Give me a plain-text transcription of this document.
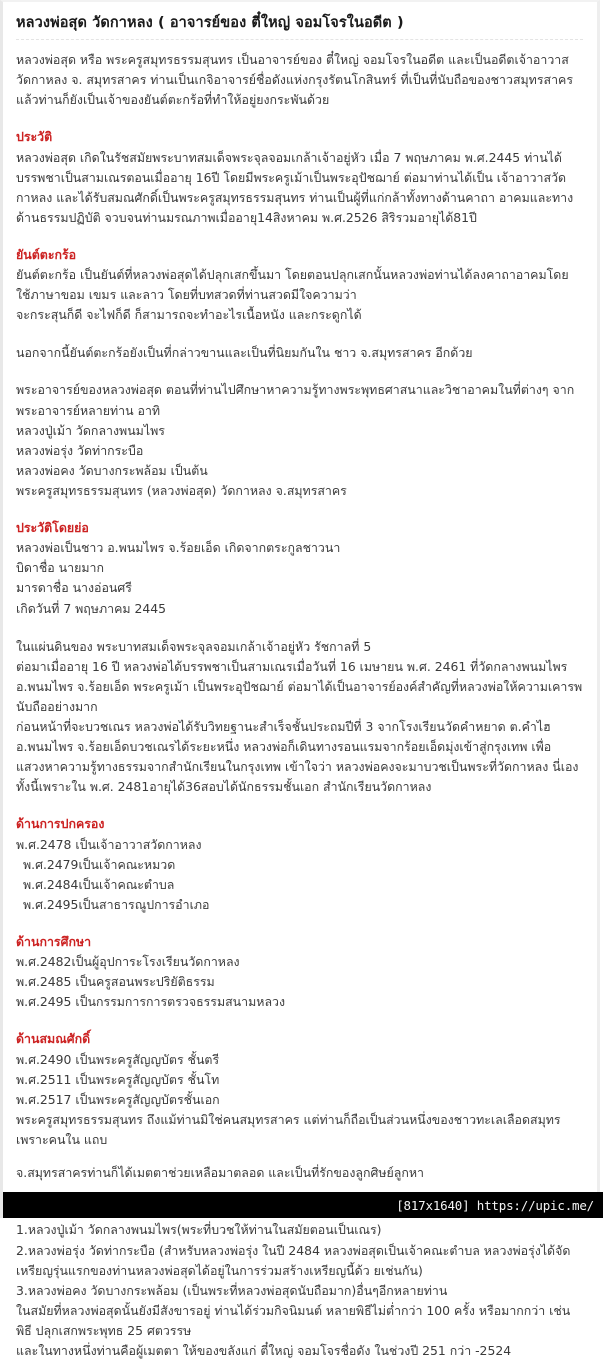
หลวงพ่อสุด วัดกาหลง ( อาจารย์ของ ตี๋ใหญ่ จอมโจรในอดีต )

หลวงพ่อสุด หรือ พระครูสมุทรธรรมสุนทร เป็นอาจารย์ของ ตี๋ใหญ่ จอมโจรในอดีต และเป็นอดีตเจ้าอาวาสวัดกาหลง จ. สมุทรสาคร ท่านเป็นเกจิอาจารย์ชื่อดังแห่งกรุงรัตนโกสินทร์ ที่เป็นที่นับถือของชาวสมุทรสาคร แล้วท่านก็ยังเป็นเจ้าของยันต์ตะกร้อที่ทำให้อยู่ยงกระพันด้วย

ประวัติ

หลวงพ่อสุด เกิดในรัชสมัยพระบาทสมเด็จพระจุลจอมเกล้าเจ้าอยู่หัว เมื่อ 7 พฤษภาคม พ.ศ.2445 ท่านได้บรรพชาเป็นสามเณรตอนเมื่ออายุ 16ปี โดยมีพระครูเม้าเป็นพระอุปัชฌาย์ ต่อมาท่านได้เป็น เจ้าอาวาสวัดกาหลง และได้รับสมณศักดิ์เป็นพระครูสมุทรธรรมสุนทร ท่านเป็นผู้ที่แก่กล้าทั้งทางด้านคาถา อาคมและทางด้านธรรมปฏิบัติ จวบจนท่านมรณภาพเมื่ออายุ14สิงหาคม พ.ศ.2526 สิริรวมอายุได้81ปี

ยันต์ตะกร้อ
ยันต์ตะกร้อ เป็นยันต์ที่หลวงพ่อสุดได้ปลุกเสกขึ้นมา โดยตอนปลุกเสกนั้นหลวงพ่อท่านได้ลงคาถาอาคมโดยใช้ภาษาขอม เขมร และลาว โดยที่บทสวดที่ท่านสวดมีใจความว่า
จะกระสุนก็ดี จะไฟก็ดี ก็สามารถจะทำอะไรเนื้อหนัง และกระดูกได้

นอกจากนี้ยันต์ตะกร้อยังเป็นที่กล่าวขานและเป็นที่นิยมกันใน ชาว จ.สมุทรสาคร อีกด้วย

พระอาจารย์ของหลวงพ่อสุด ตอนที่ท่านไปศึกษาหาความรู้ทางพระพุทธศาสนาและวิชาอาคมในที่ต่างๆ จากพระอาจารย์หลายท่าน อาทิ
หลวงปู่เม้า วัดกลางพนมไพร
หลวงพ่อรุ่ง วัดท่ากระบือ
หลวงพ่อคง วัดบางกระพล้อม เป็นต้น
พระครูสมุทรธรรมสุนทร (หลวงพ่อสุด) วัดกาหลง จ.สมุทรสาคร
ประวัติโดยย่อ
หลวงพ่อเป็นชาว อ.พนมไพร จ.ร้อยเอ็ด เกิดจากตระกูลชาวนา
บิดาชื่อ นายมาก
มารดาชื่อ นางอ่อนศรี
เกิดวันที่ 7 พฤษภาคม 2445

ในแผ่นดินของ พระบาทสมเด็จพระจุลจอมเกล้าเจ้าอยู่หัว รัชกาลที่ 5

ต่อมาเมื่ออายุ 16 ปี หลวงพ่อได้บรรพชาเป็นสามเณรเมื่อวันที่ 16 เมษายน พ.ศ. 2461 ที่วัดกลางพนมไพร อ.พนมไพร จ.ร้อยเอ็ด พระครูเม้า เป็นพระอุปัชฌาย์ ต่อมาได้เป็นอาจารย์องค์สำคัญที่หลวงพ่อให้ความเคารพนับถืออย่างมาก

ก่อนหน้าที่จะบวชเณร หลวงพ่อได้รับวิทยฐานะสำเร็จชั้นประถมปีที่ 3 จากโรงเรียนวัดคำหยาด ต.คำไฮ อ.พนมไพร จ.ร้อยเอ็ดบวชเณรได้ระยะหนึ่ง หลวงพ่อก็เดินทางรอนแรมจากร้อยเอ็ดมุ่งเข้าสู่กรุงเทพ เพื่อแสวงหาความรู้ทางธรรมจากสำนักเรียนในกรุงเทพ เข้าใจว่า หลวงพ่อคงจะมาบวชเป็นพระที่วัดกาหลง นี่เอง ทั้งนี้เพราะใน พ.ศ. 2481อายุได้36สอบได้นักธรรมชั้นเอก สำนักเรียนวัดกาหลง

ด้านการปกครอง
พ.ศ.2478 เป็นเจ้าอาวาสวัดกาหลง
พ.ศ.2479เป็นเจ้าคณะหมวด
พ.ศ.2484เป็นเจ้าคณะตำบล
พ.ศ.2495เป็นสาธารณูปการอำเภอ
ด้านการศึกษา
พ.ศ.2482เป็นผู้อุปการะโรงเรียนวัดกาหลง
พ.ศ.2485 เป็นครูสอนพระปริยัติธรรม
พ.ศ.2495 เป็นกรรมการการตรวจธรรมสนามหลวง
ด้านสมณศักดิ์
พ.ศ.2490 เป็นพระครูสัญญบัตร ชั้นตรี
พ.ศ.2511 เป็นพระครูสัญญบัตร ชั้นโท
พ.ศ.2517 เป็นพระครูสัญญบัตรชั้นเอก

พระครูสมุทรธรรมสุนทร ถึงแม้ท่านมิใช่คนสมุทรสาคร แต่ท่านก็ถือเป็นส่วนหนึ่งของชาวทะเลเลือดสมุทร เพราะคนใน แถบ

จ.สมุทรสาครท่านก็ได้เมตตาช่วยเหลือมาตลอด และเป็นที่รักของลูกศิษย์ลูกหา

1.หลวงปู่เม้า วัดกลางพนมไพร(พระที่บวชให้ท่านในสมัยตอนเป็นเณร)
2.หลวงพ่อรุ่ง วัดท่ากระบือ (สำหรับหลวงพ่อรุ่ง ในปี 2484 หลวงพ่อสุดเป็นเจ้าคณะตำบล หลวงพ่อรุ่งได้จัดเหรียญรุ่นแรกของท่านหลวงพ่อสุดได้อยู่ในการร่วมสร้างเหรียญนี้ด้ว ยเช่นกัน)
3.หลวงพ่อคง วัดบางกระพล้อม (เป็นพระที่หลวงพ่อสุดนับถือมาก)อื่นๆอีกหลายท่าน
ในสมัยที่หลวงพ่อสุดนั้นยังมีสังขารอยู่ ท่านได้ร่วมกิจนิมนต์ หลายพิธีไม่ต่ำกว่า 100 ครั้ง หรือมากกว่า เช่นพิธี ปลุกเสกพระพุทธ 25 ศตวรรษ
และในทางหนึ่งท่านคือผู้เมตตา ให้ของขลังแก่ ตี๋ใหญ่ จอมโจรชื่อดัง ในช่วงปี 251 กว่า -2524
[817x1640] https://upic.me/
